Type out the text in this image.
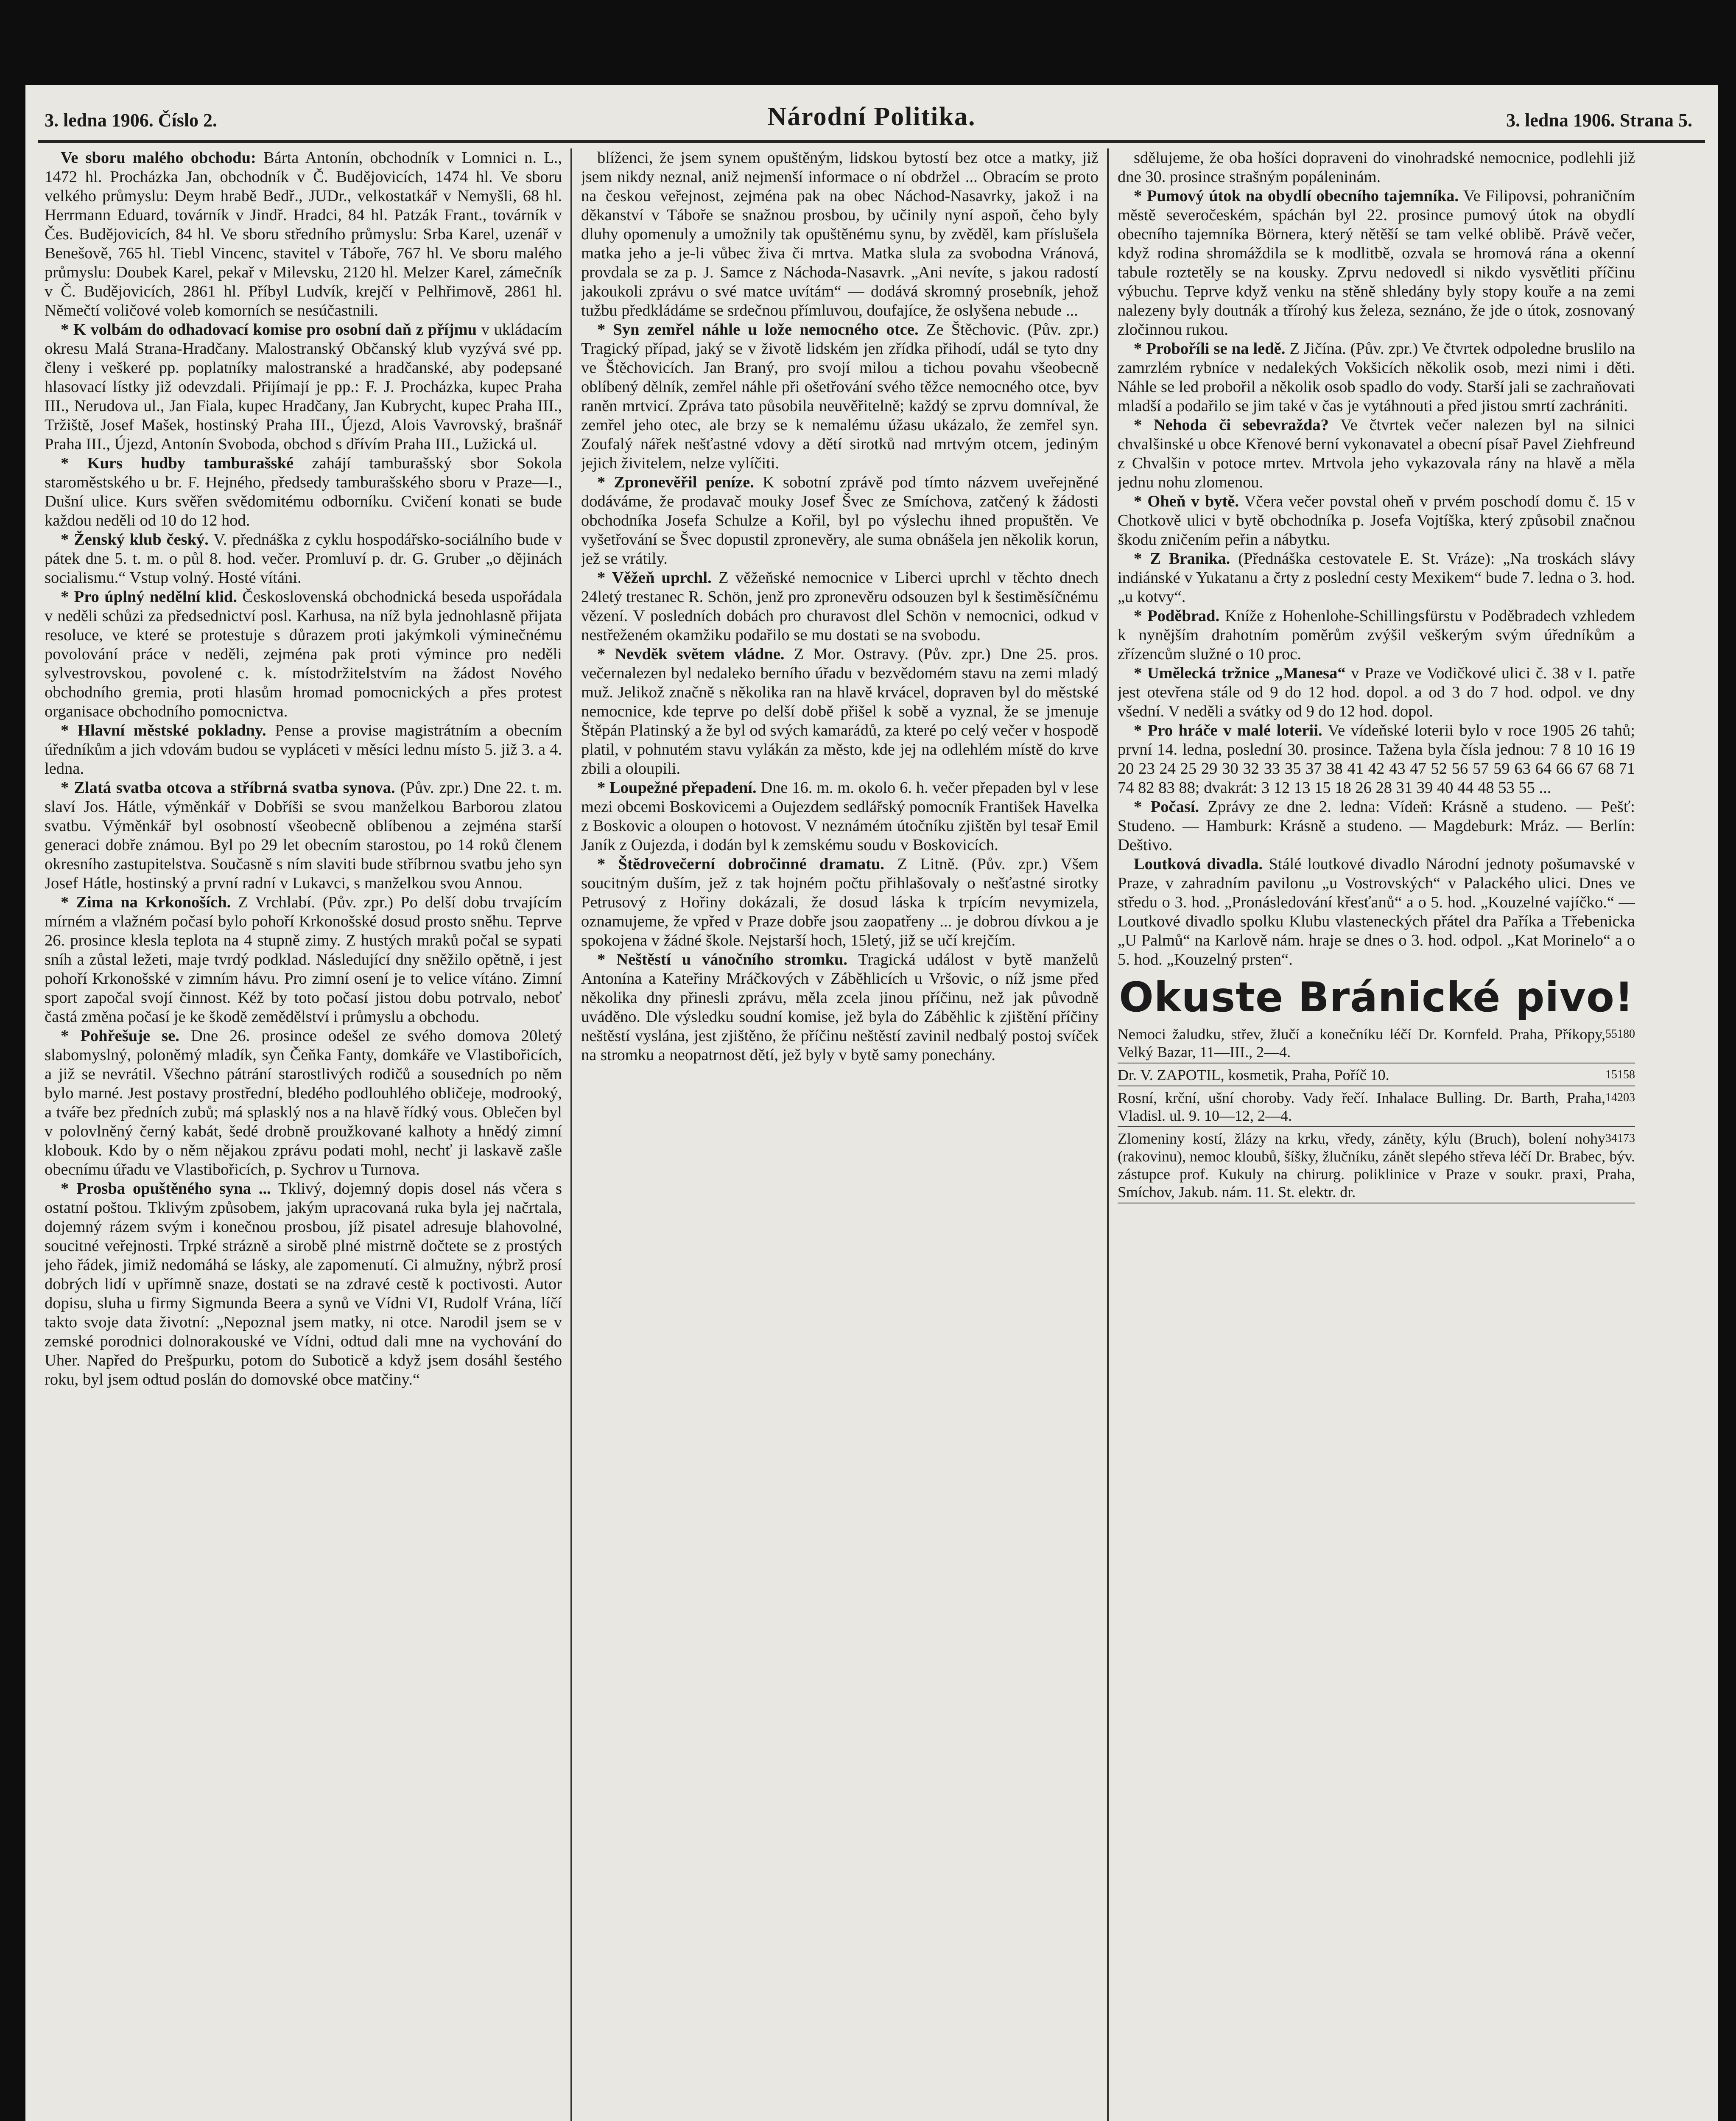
3. ledna 1906. Číslo 2.	Národní Politika.	3. ledna 1906. Strana 5.

Ve sboru malého obchodu: Bárta Antonín, obchodník v Lomnici n. L., 1472 hl. Procházka Jan, obchodník v Č. Budějovicích, 1474 hl. Ve sboru velkého průmyslu: Deym hrabě Bedř., JUDr., velkostatkář v Nemyšli, 68 hl. Herrmann Eduard, továrník v Jindř. Hradci, 84 hl. Patzák Frant., továrník v Čes. Budějovicích, 84 hl. Ve sboru středního průmyslu: Srba Karel, uzenář v Benešově, 765 hl. Tiebl Vincenc, stavitel v Táboře, 767 hl. Ve sboru malého průmyslu: Doubek Karel, pekař v Milevsku, 2120 hl. Melzer Karel, zámečník v Č. Budějovicích, 2861 hl. Příbyl Ludvík, krejčí v Pelhřimově, 2861 hl. Němečtí voličové voleb komorních se nesúčastnili.

* K volbám do odhadovací komise pro osobní daň z příjmu v ukládacím okresu Malá Strana-Hradčany. Malostranský Občanský klub vyzývá své pp. členy i veškeré pp. poplatníky malostranské a hradčanské, aby podepsané hlasovací lístky již odevzdali. Přijímají je pp.: F. J. Procházka, kupec Praha III., Nerudova ul., Jan Fiala, kupec Hradčany, Jan Kubrycht, kupec Praha III., Tržiště, Josef Mašek, hostinský Praha III., Újezd, Alois Vavrovský, brašnář Praha III., Újezd, Antonín Svoboda, obchod s dřívím Praha III., Lužická ul.

* Kurs hudby tamburašské zahájí tamburašský sbor Sokola staroměstského u br. F. Hejného, předsedy tamburašského sboru v Praze—I., Dušní ulice. Kurs svěřen svědomitému odborníku. Cvičení konati se bude každou neděli od 10 do 12 hod.

* Ženský klub český. V. přednáška z cyklu hospodářsko-sociálního bude v pátek dne 5. t. m. o půl 8. hod. večer. Promluví p. dr. G. Gruber „o dějinách socialismu.“ Vstup volný. Hosté vítáni.

* Pro úplný nedělní klid. Československá obchodnická beseda uspořádala v neděli schůzi za předsednictví posl. Karhusa, na níž byla jednohlasně přijata resoluce, ve které se protestuje s důrazem proti jakýmkoli výminečnému povolování práce v neděli, zejména pak proti výmince pro neděli sylvestrovskou, povolené c. k. místodržitelstvím na žádost Nového obchodního gremia, proti hlasům hromad pomocnických a přes protest organisace obchodního pomocnictva.

* Hlavní městské pokladny. Pense a provise magistrátním a obecním úředníkům a jich vdovám budou se vypláceti v měsíci lednu místo 5. již 3. a 4. ledna.

* Zlatá svatba otcova a stříbrná svatba synova. (Pův. zpr.) Dne 22. t. m. slaví Jos. Hátle, výměnkář v Dobříši se svou manželkou Barborou zlatou svatbu. Výměnkář byl osobností všeobecně oblíbenou a zejména starší generaci dobře známou. Byl po 29 let obecním starostou, po 14 roků členem okresního zastupitelstva. Současně s ním slaviti bude stříbrnou svatbu jeho syn Josef Hátle, hostinský a první radní v Lukavci, s manželkou svou Annou.

* Zima na Krkonoších. Z Vrchlabí. (Pův. zpr.) Po delší dobu trvajícím mírném a vlažném počasí bylo pohoří Krkonošské dosud prosto sněhu. Teprve 26. prosince klesla teplota na 4 stupně zimy. Z hustých mraků počal se sypati sníh a zůstal ležeti, maje tvrdý podklad. Následující dny sněžilo opětně, i jest pohoří Krkonošské v zimním hávu. Pro zimní osení je to velice vítáno. Zimní sport započal svojí činnost. Kéž by toto počasí jistou dobu potrvalo, neboť častá změna počasí je ke škodě zemědělství i průmyslu a obchodu.

* Pohřešuje se. Dne 26. prosince odešel ze svého domova 20letý slabomyslný, poloněmý mladík, syn Čeňka Fanty, domkáře ve Vlastibořicích, a již se nevrátil. Všechno pátrání starostlivých rodičů a sousedních po něm bylo marné. Jest postavy prostřední, bledého podlouhlého obličeje, modrooký, a tváře bez předních zubů; má splasklý nos a na hlavě řídký vous. Oblečen byl v polovlněný černý kabát, šedé drobně proužkované kalhoty a hnědý zimní klobouk. Kdo by o něm nějakou zprávu podati mohl, nechť ji laskavě zašle obecnímu úřadu ve Vlastibořicích, p. Sychrov u Turnova.

* Prosba opuštěného syna ... Tklivý, dojemný dopis dosel nás včera s ostatní poštou. Tklivým způsobem, jakým upracovaná ruka byla jej načrtala, dojemný rázem svým i konečnou prosbou, jíž pisatel adresuje blahovolné, soucitné veřejnosti. Trpké strázně a sirobě plné mistrně dočtete se z prostých jeho řádek, jimiž nedomáhá se lásky, ale zapomenutí. Ci almužny, nýbrž prosí dobrých lidí v upřímně snaze, dostati se na zdravé cestě k poctivosti. Autor dopisu, sluha u firmy Sigmunda Beera a synů ve Vídni VI, Rudolf Vrána, líčí takto svoje data životní: „Nepoznal jsem matky, ni otce. Narodil jsem se v zemské porodnici dolnorakouské ve Vídni, odtud dali mne na vychování do Uher. Napřed do Prešpurku, potom do Suboticě a když jsem dosáhl šestého roku, byl jsem odtud poslán do domovské obce matčiny.“

blíženci, že jsem synem opuštěným, lidskou bytostí bez otce a matky, již jsem nikdy neznal, aniž nejmenší informace o ní obdržel ... Obracím se proto na českou veřejnost, zejména pak na obec Náchod-Nasavrky, jakož i na děkanství v Táboře se snažnou prosbou, by učinily nyní aspoň, čeho byly dluhy opomenuly a umožnily tak opuštěnému synu, by zvěděl, kam příslušela matka jeho a je-li vůbec živa či mrtva. Matka slula za svobodna Vránová, provdala se za p. J. Samce z Náchoda-Nasavrk. „Ani nevíte, s jakou radostí jakoukoli zprávu o své matce uvítám“ — dodává skromný prosebník, jehož tužbu předkládáme se srdečnou přímluvou, doufajíce, že oslyšena nebude ...

* Syn zemřel náhle u lože nemocného otce. Ze Štěchovic. (Pův. zpr.) Tragický případ, jaký se v životě lidském jen zřídka přihodí, udál se tyto dny ve Štěchovicích. Jan Braný, pro svojí milou a tichou povahu všeobecně oblíbený dělník, zemřel náhle při ošetřování svého těžce nemocného otce, byv raněn mrtvicí. Zpráva tato působila neuvěřitelně; každý se zprvu domníval, že zemřel jeho otec, ale brzy se k nemalému úžasu ukázalo, že zemřel syn. Zoufalý nářek nešťastné vdovy a dětí sirotků nad mrtvým otcem, jediným jejich živitelem, nelze vylíčiti.

* Zpronevěřil peníze. K sobotní zprávě pod tímto názvem uveřejněné dodáváme, že prodavač mouky Josef Švec ze Smíchova, zatčený k žádosti obchodníka Josefa Schulze a Kořil, byl po výslechu ihned propuštěn. Ve vyšetřování se Švec dopustil zpronevěry, ale suma obnášela jen několik korun, jež se vrátily.

* Věžeň uprchl. Z věžeňské nemocnice v Liberci uprchl v těchto dnech 24letý trestanec R. Schön, jenž pro zpronevěru odsouzen byl k šestiměsíčnému vězení. V posledních dobách pro churavost dlel Schön v nemocnici, odkud v nestřeženém okamžiku podařilo se mu dostati se na svobodu.

* Nevděk světem vládne. Z Mor. Ostravy. (Pův. zpr.) Dne 25. pros. večernalezen byl nedaleko berního úřadu v bezvědomém stavu na zemi mladý muž. Jelikož značně s několika ran na hlavě krvácel, dopraven byl do městské nemocnice, kde teprve po delší době přišel k sobě a vyznal, že se jmenuje Štěpán Platinský a že byl od svých kamarádů, za které po celý večer v hospodě platil, v pohnutém stavu vylákán za město, kde jej na odlehlém místě do krve zbili a oloupili.

* Loupežné přepadení. Dne 16. m. m. okolo 6. h. večer přepaden byl v lese mezi obcemi Boskovicemi a Oujezdem sedlářský pomocník František Havelka z Boskovic a oloupen o hotovost. V neznámém útočníku zjištěn byl tesař Emil Janík z Oujezda, i dodán byl k zemskému soudu v Boskovicích.

* Štědrovečerní dobročinné dramatu. Z Litně. (Pův. zpr.) Všem soucitným duším, jež z tak hojném počtu přihlašovaly o nešťastné sirotky Petrusový z Hořiny dokázali, že dosud láska k trpícím nevymizela, oznamujeme, že vpřed v Praze dobře jsou zaopatřeny ... je dobrou dívkou a je spokojena v žádné škole. Nejstarší hoch, 15letý, již se učí krejčím.

* Neštěstí u vánočního stromku. Tragická událost v bytě manželů Antonína a Kateřiny Mráčkových v Záběhlicích u Vršovic, o níž jsme před několika dny přinesli zprávu, měla zcela jinou příčinu, než jak původně uváděno. Dle výsledku soudní komise, jež byla do Záběhlic k zjištění příčiny neštěstí vyslána, jest zjištěno, že příčinu neštěstí zavinil nedbalý postoj svíček na stromku a neopatrnost dětí, jež byly v bytě samy ponechány.

sdělujeme, že oba hošíci dopraveni do vinohradské nemocnice, podlehli již dne 30. prosince strašným popáleninám.

* Pumový útok na obydlí obecního tajemníka. Ve Filipovsi, pohraničním městě severočeském, spáchán byl 22. prosince pumový útok na obydlí obecního tajemníka Börnera, který nětěší se tam velké oblibě. Právě večer, když rodina shromáždila se k modlitbě, ozvala se hromová rána a okenní tabule roztetěly se na kousky. Zprvu nedovedl si nikdo vysvětliti příčinu výbuchu. Teprve když venku na stěně shledány byly stopy kouře a na zemi nalezeny byly doutnák a třírohý kus železa, seznáno, že jde o útok, zosnovaný zločinnou rukou.

* Proboříli se na ledě. Z Jičína. (Pův. zpr.) Ve čtvrtek odpoledne bruslilo na zamrzlém rybníce v nedalekých Vokšicích několik osob, mezi nimi i děti. Náhle se led probořil a několik osob spadlo do vody. Starší jali se zachraňovati mladší a podařilo se jim také v čas je vytáhnouti a před jistou smrtí zachrániti.

* Nehoda či sebevražda? Ve čtvrtek večer nalezen byl na silnici chvalšinské u obce Křenové berní vykonavatel a obecní písař Pavel Ziehfreund z Chvalšin v potoce mrtev. Mrtvola jeho vykazovala rány na hlavě a měla jednu nohu zlomenou.

* Oheň v bytě. Včera večer povstal oheň v prvém poschodí domu č. 15 v Chotkově ulici v bytě obchodníka p. Josefa Vojtíška, který způsobil značnou škodu zničením peřin a nábytku.

* Z Branika. (Přednáška cestovatele E. St. Vráze): „Na troskách slávy indiánské v Yukatanu a črty z poslední cesty Mexikem“ bude 7. ledna o 3. hod. „u kotvy“.

* Poděbrad. Kníže z Hohenlohe-Schillingsfürstu v Poděbradech vzhledem k nynějším drahotním poměrům zvýšil veškerým svým úředníkům a zřízencům služné o 10 proc.

* Umělecká tržnice „Manesa“ v Praze ve Vodičkové ulici č. 38 v I. patře jest otevřena stále od 9 do 12 hod. dopol. a od 3 do 7 hod. odpol. ve dny všední. V neděli a svátky od 9 do 12 hod. dopol.

* Pro hráče v malé loterii. Ve vídeňské loterii bylo v roce 1905 26 tahů; první 14. ledna, poslední 30. prosince. Tažena byla čísla jednou: 7 8 10 16 19 20 23 24 25 29 30 32 33 35 37 38 41 42 43 47 52 56 57 59 63 64 66 67 68 71 74 82 83 88; dvakrát: 3 12 13 15 18 26 28 31 39 40 44 48 53 55 ...

* Počasí. Zprávy ze dne 2. ledna: Vídeň: Krásně a studeno. — Pešť: Studeno. — Hamburk: Krásně a studeno. — Magdeburk: Mráz. — Berlín: Deštivo.

Loutková divadla. Stálé loutkové divadlo Národní jednoty pošumavské v Praze, v zahradním pavilonu „u Vostrovských“ v Palackého ulici. Dnes ve středu o 3. hod. „Pronásledování křesťanů“ a o 5. hod. „Kouzelné vajíčko.“ — Loutkové divadlo spolku Klubu vlasteneckých přátel dra Paříka a Třebenicka „U Palmů“ na Karlově nám. hraje se dnes o 3. hod. odpol. „Kat Morinelo“ a o 5. hod. „Kouzelný prsten“.

Okuste Bránické pivo!
55180
Nemoci žaludku, střev, žlučí a konečníku léčí Dr. Kornfeld. Praha, Příkopy, Velký Bazar, 11—III., 2—4.
15158
Dr. V. ZAPOTIL, kosmetik, Praha, Poříč 10.
14203
Rosní, krční, ušní choroby. Vady řečí. Inhalace Bulling. Dr. Barth, Praha, Vladisl. ul. 9. 10—12, 2—4.
34173
Zlomeniny kostí, žlázy na krku, vředy, záněty, kýlu (Bruch), bolení nohy (rakovinu), nemoc kloubů, šíšky, žlučníku, zánět slepého střeva léčí Dr. Brabec, býv. zástupce prof. Kukuly na chirurg. poliklinice v Praze v soukr. praxi, Praha, Smíchov, Jakub. nám. 11. St. elektr. dr.
